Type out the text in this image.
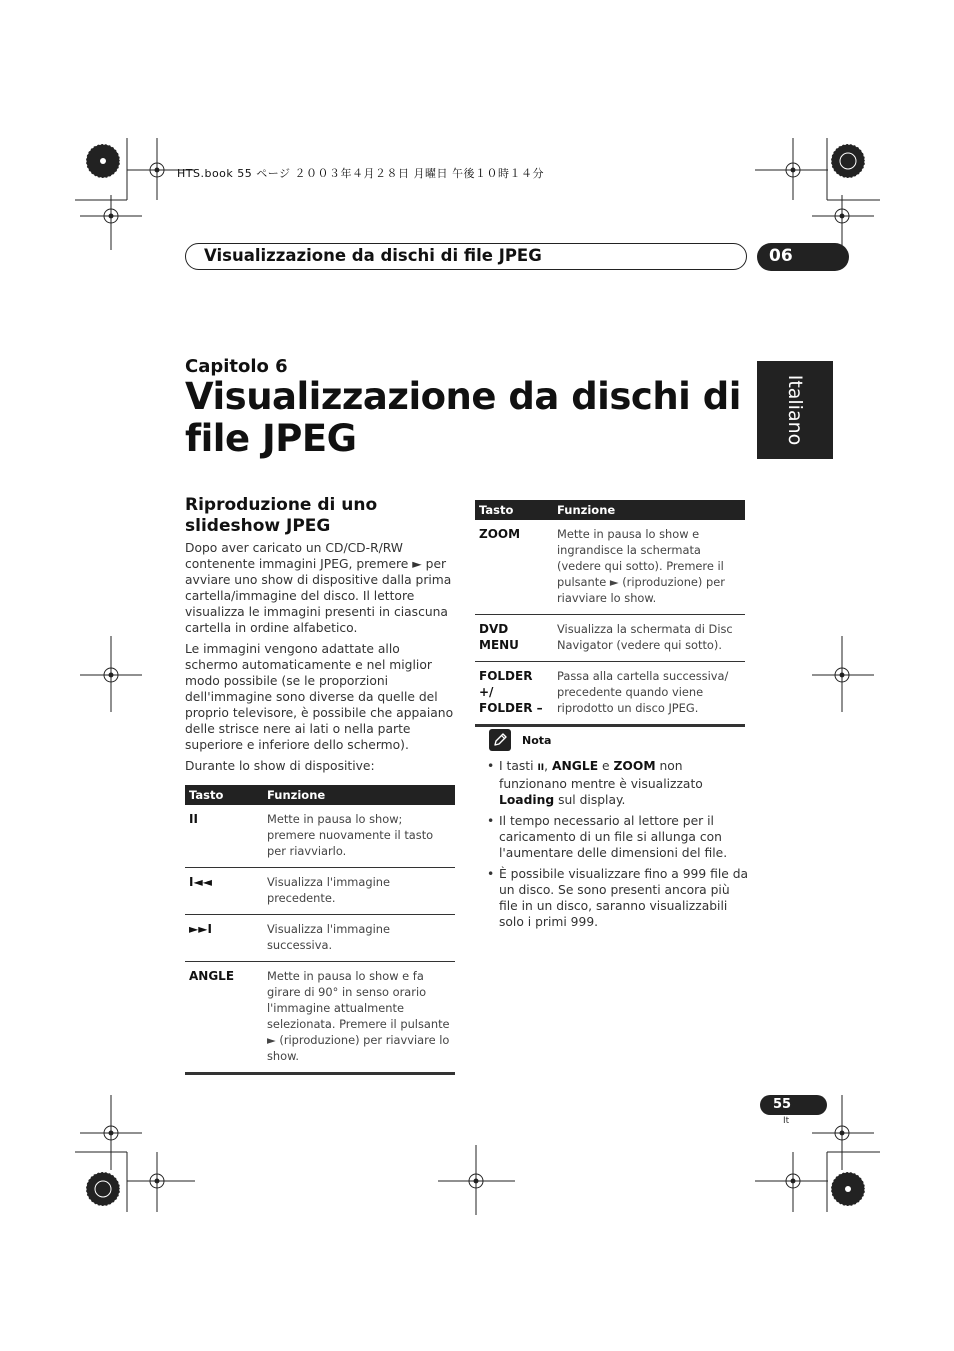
HTS.book 55 ページ ２００３年４月２８日 月曜日 午後１０時１４分
Visualizzazione da dischi di file JPEG	06
Italiano
Capitolo 6
Visualizzazione da dischi di file JPEG
Riproduzione di uno slideshow JPEG

Dopo aver caricato un CD/CD-R/RW contenente immagini JPEG, premere ► per avviare uno show di dispositive dalla prima cartella/immagine del disco. Il lettore visualizza le immagini presenti in ciascuna cartella in ordine alfabetico.

Le immagini vengono adattate allo schermo automaticamente e nel miglior modo possibile (se le proporzioni dell'immagine sono diverse da quelle del proprio televisore, è possibile che appaiano delle strisce nere ai lati o nella parte superiore e inferiore dello schermo).

Durante lo show di dispositive:

Tasto	Funzione
II	Mette in pausa lo show; premere nuovamente il tasto per riavviarlo.
I◄◄	Visualizza l'immagine precedente.
►►I	Visualizza l'immagine successiva.
ANGLE	Mette in pausa lo show e fa girare di 90° in senso orario l'immagine attualmente selezionata. Premere il pulsante ► (riproduzione) per riavviare lo show.
Tasto	Funzione
ZOOM	Mette in pausa lo show e ingrandisce la schermata (vedere qui sotto). Premere il pulsante ► (riproduzione) per riavviare lo show.
DVD MENU	Visualizza la schermata di Disc Navigator (vedere qui sotto).
FOLDER +/ FOLDER –	Passa alla cartella successiva/ precedente quando viene riprodotto un disco JPEG.
Nota
• I tasti II, ANGLE e ZOOM non funzionano mentre è visualizzato Loading sul display.
• Il tempo necessario al lettore per il caricamento di un file si allunga con l'aumentare delle dimensioni del file.
• È possibile visualizzare fino a 999 file da un disco. Se sono presenti ancora più file in un disco, saranno visualizzabili solo i primi 999.
55
It
